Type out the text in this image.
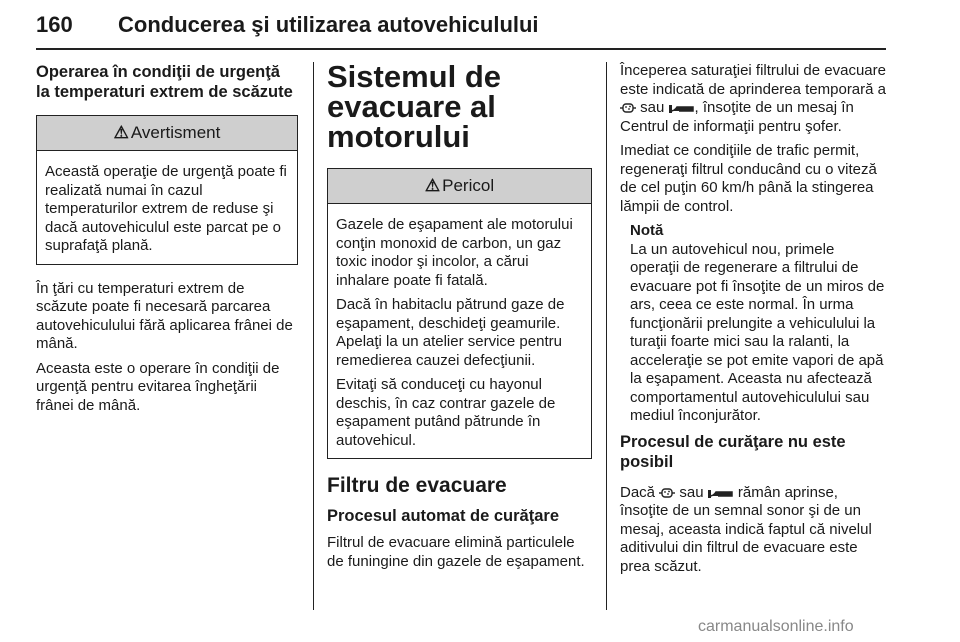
160 Conducerea şi utilizarea autovehiculului
Operarea în condiţii de urgenţă la temperaturi extrem de scăzute
⚠ Avertisment

Această operaţie de urgenţă poate fi realizată numai în cazul temperaturilor extrem de reduse şi dacă autovehiculul este parcat pe o suprafaţă plană.

În ţări cu temperaturi extrem de scăzute poate fi necesară parcarea autovehiculului fără aplicarea frânei de mână.

Aceasta este o operare în condiţii de urgenţă pentru evitarea îngheţării frânei de mână.

Sistemul de evacuare al motorului
⚠ Pericol

Gazele de eşapament ale motorului conţin monoxid de carbon, un gaz toxic inodor şi incolor, a cărui inhalare poate fi fatală.

Dacă în habitaclu pătrund gaze de eşapament, deschideţi geamurile. Apelaţi la un atelier service pentru remedierea cauzei defecţiunii.

Evitaţi să conduceţi cu hayonul deschis, în caz contrar gazele de eşapament putând pătrunde în autovehicul.

Filtru de evacuare
Procesul automat de curăţare

Filtrul de evacuare elimină particulele de funingine din gazele de eşapament.

Începerea saturaţiei filtrului de evacuare este indicată de aprinderea temporară a  sau , însoţite de un mesaj în Centrul de informaţii pentru şofer.

Imediat ce condiţiile de trafic permit, regeneraţi filtrul conducând cu o viteză de cel puţin 60 km/h până la stingerea lămpii de control.

Notă

La un autovehicul nou, primele operaţii de regenerare a filtrului de evacuare pot fi însoţite de un miros de ars, ceea ce este normal. În urma funcţionării prelungite a vehiculului la turaţii foarte mici sau la ralanti, la acceleraţie se pot emite vapori de apă la eşapament. Aceasta nu afectează comportamentul autovehiculului sau mediul înconjurător.

Procesul de curăţare nu este posibil

Dacă sau rămân aprinse, însoţite de un semnal sonor şi de un mesaj, aceasta indică faptul că nivelul aditivului din filtrul de evacuare este prea scăzut.

carmanualsonline.info
